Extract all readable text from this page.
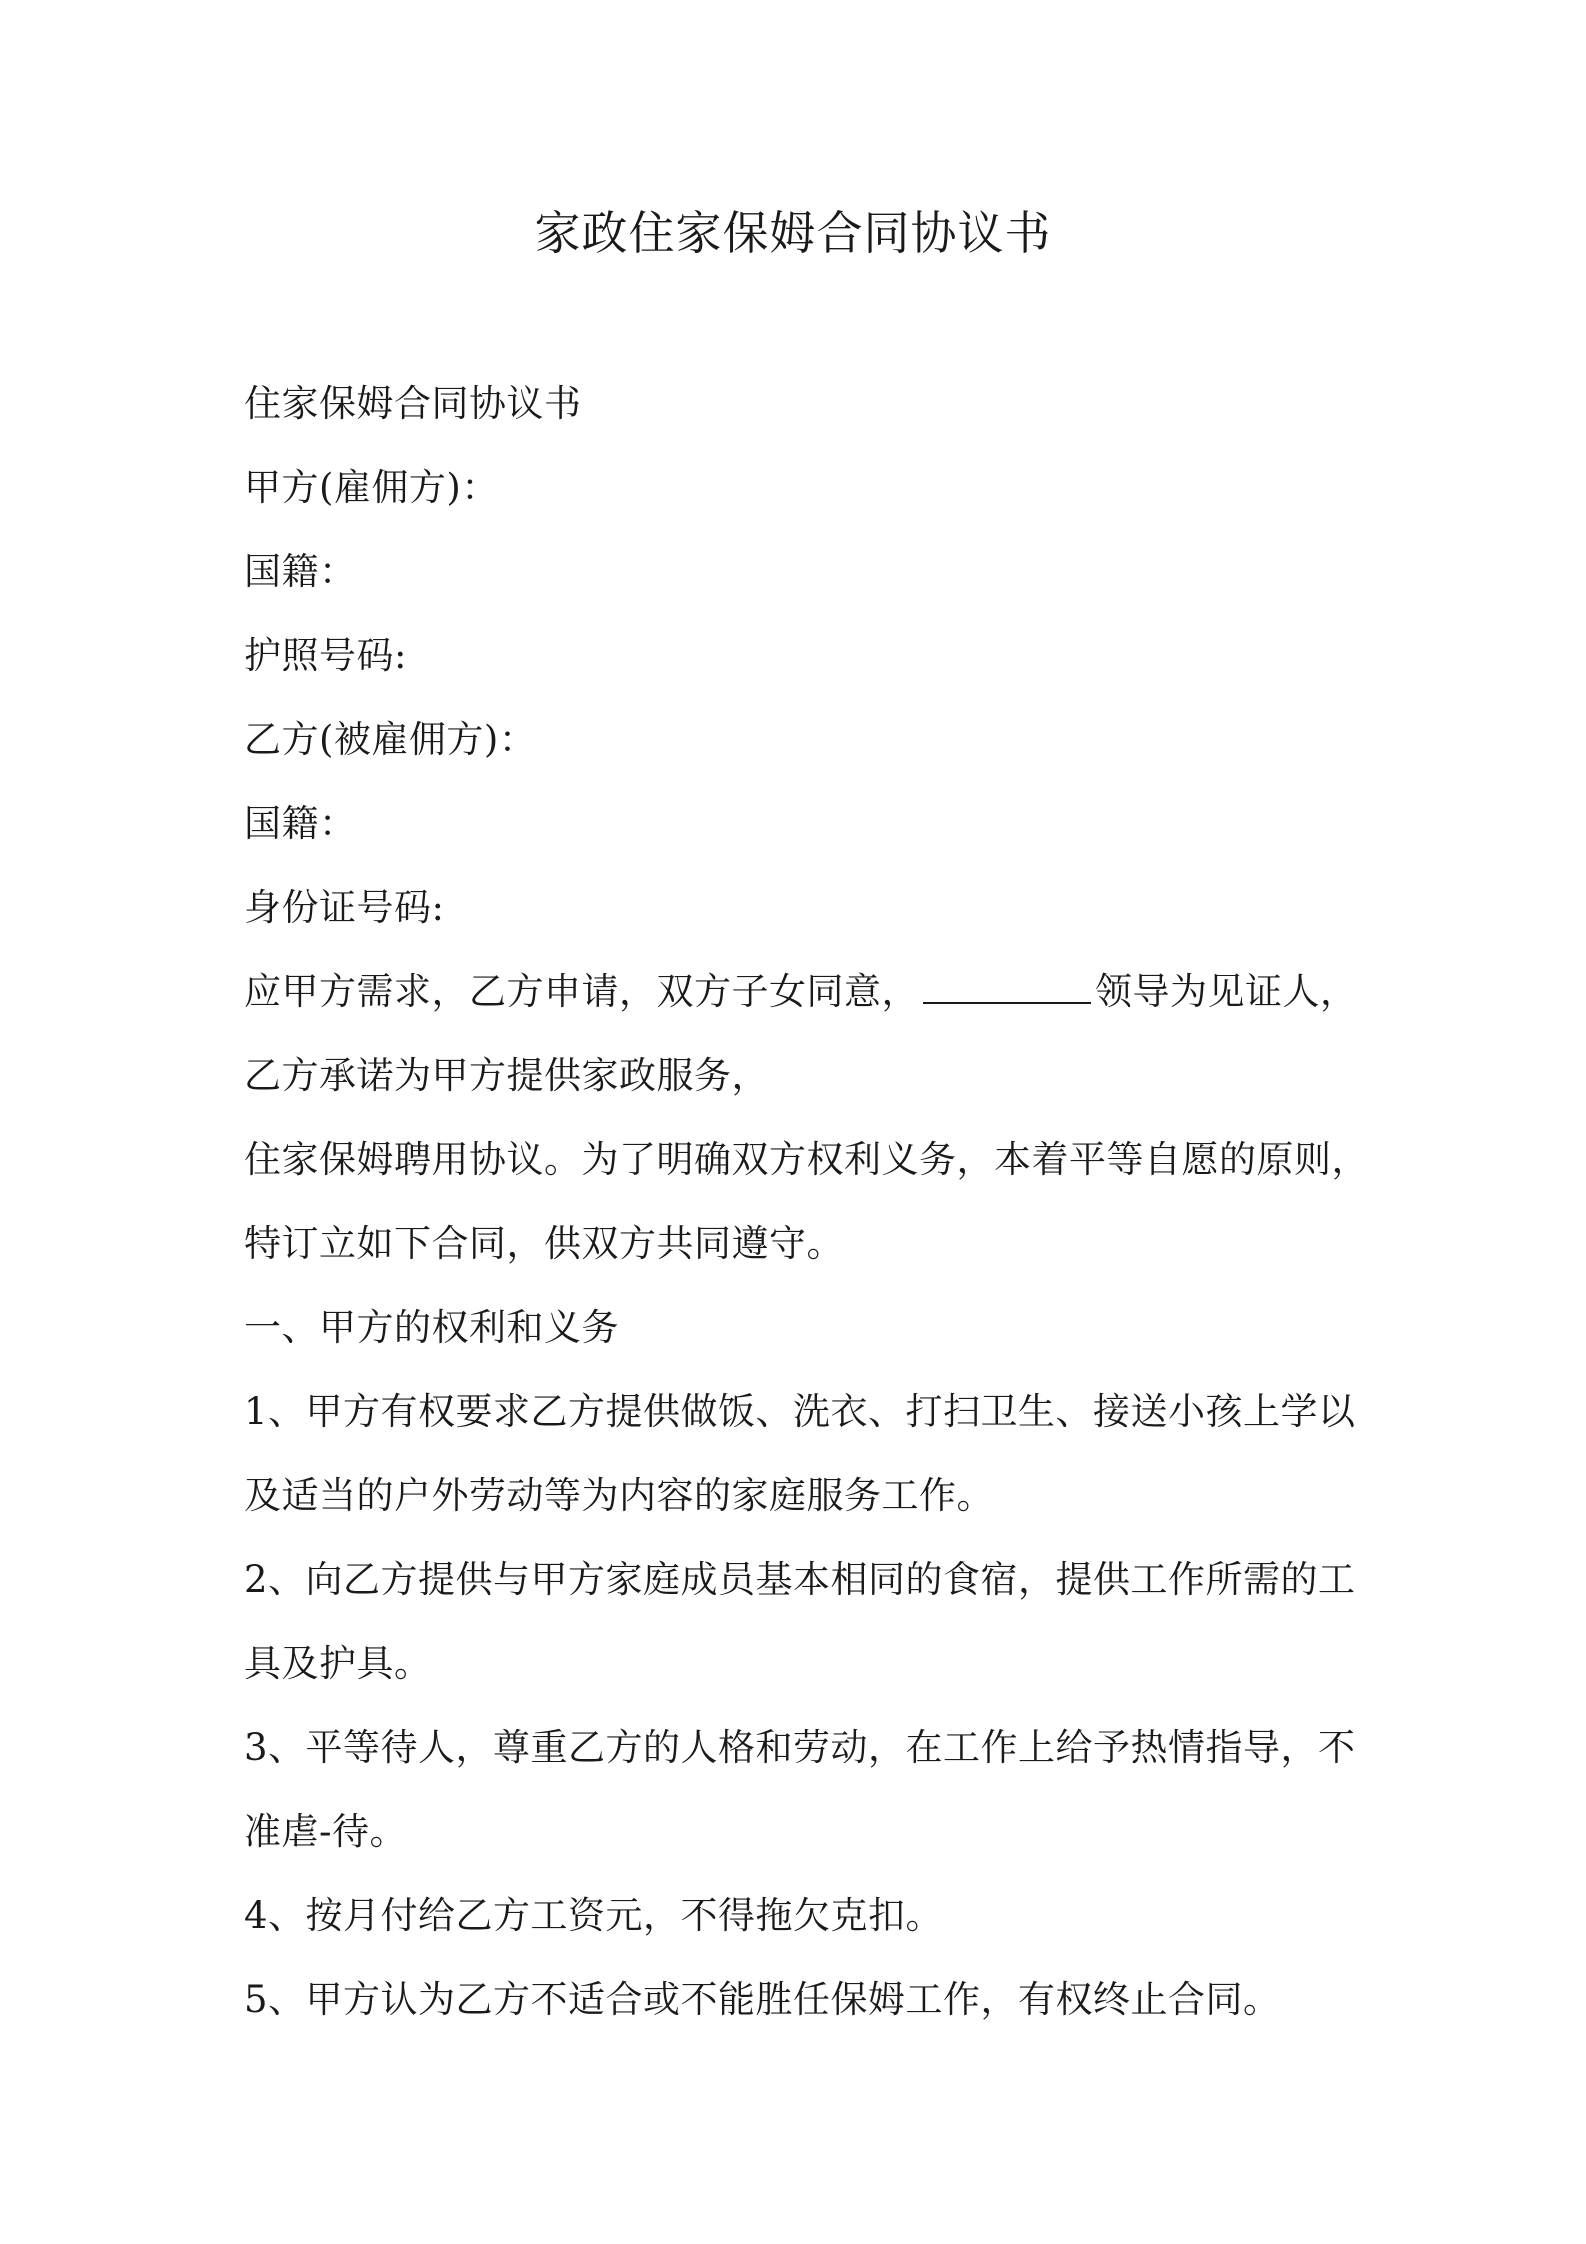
家政住家保姆合同协议书
住家保姆合同协议书
甲方(雇佣方)：
国籍：
护照号码:
乙方(被雇佣方)：
国籍：
身份证号码:
应甲方需求，乙方申请，双方子女同意，	领导为见证人，
乙方承诺为甲方提供家政服务，
住家保姆聘用协议。为了明确双方权利义务，本着平等自愿的原则，
特订立如下合同，供双方共同遵守。
一、甲方的权利和义务
1、甲方有权要求乙方提供做饭、洗衣、打扫卫生、接送小孩上学以
及适当的户外劳动等为内容的家庭服务工作。
2、向乙方提供与甲方家庭成员基本相同的食宿，提供工作所需的工
具及护具。
3、平等待人，尊重乙方的人格和劳动，在工作上给予热情指导，不
准虐-待。
4、按月付给乙方工资元，不得拖欠克扣。
5、甲方认为乙方不适合或不能胜任保姆工作，有权终止合同。
